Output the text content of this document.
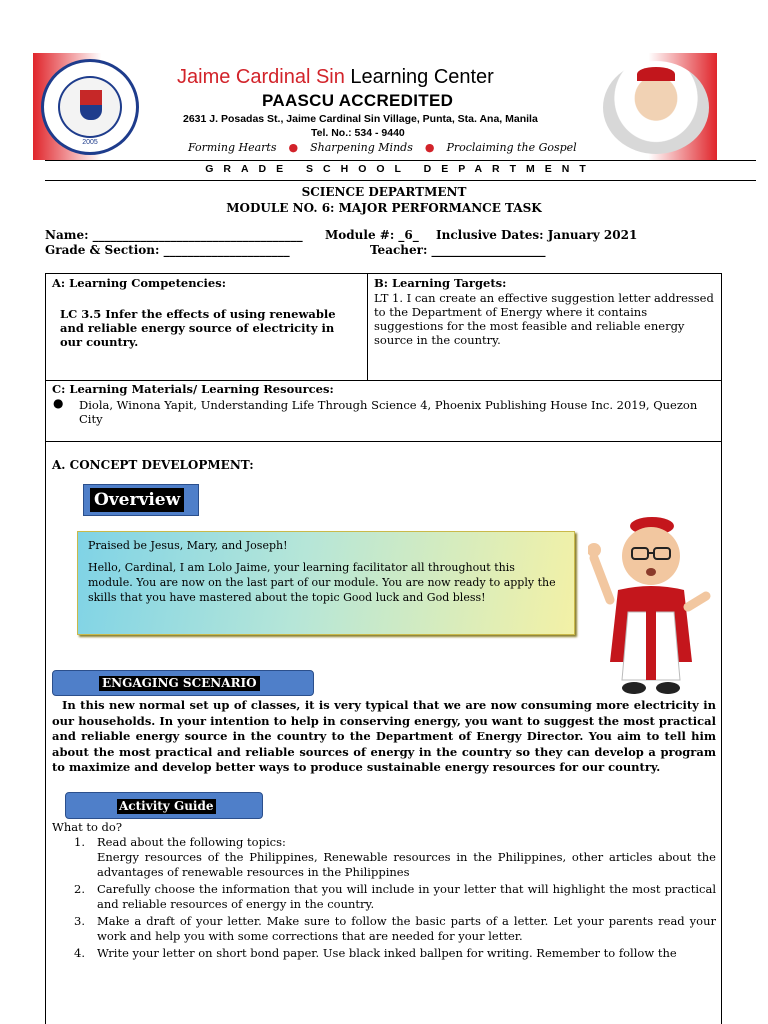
2005
Jaime Cardinal Sin Learning Center
PAASCU ACCREDITED
2631 J. Posadas St., Jaime Cardinal Sin Village, Punta, Sta. Ana, Manila
Tel. No.: 534 - 9440
Forming Hearts ● Sharpening Minds ● Proclaiming the Gospel
GRADE SCHOOL DEPARTMENT
SCIENCE DEPARTMENT
MODULE NO. 6: MAJOR PERFORMANCE TASK
Name: ___________________________________ Module #: _6_ Inclusive Dates: January 2021
Grade & Section: _____________________	Teacher: ___________________
A: Learning Competencies:
LC 3.5 Infer the effects of using renewable and reliable energy source of electricity in our country.
B: Learning Targets:
LT 1. I can create an effective suggestion letter addressed to the Department of Energy where it contains suggestions for the most feasible and reliable energy source in the country.
C: Learning Materials/ Learning Resources:
● Diola, Winona Yapit, Understanding Life Through Science 4, Phoenix Publishing House Inc. 2019, Quezon City
A. CONCEPT DEVELOPMENT:
Overview

Praised be Jesus, Mary, and Joseph!

Hello, Cardinal, I am Lolo Jaime, your learning facilitator all throughout this module. You are now on the last part of our module. You are now ready to apply the skills that you have mastered about the topic Good luck and God bless!

ENGAGING SCENARIO
In this new normal set up of classes, it is very typical that we are now consuming more electricity in our households. In your intention to help in conserving energy, you want to suggest the most practical and reliable energy source in the country to the Department of Energy Director. You aim to tell him about the most practical and reliable sources of energy in the country so they can develop a program to maximize and develop better ways to produce sustainable energy resources for our country.
Activity Guide
What to do?
1. Read about the following topics:
Energy resources of the Philippines, Renewable resources in the Philippines, other articles about the advantages of renewable resources in the Philippines
2. Carefully choose the information that you will include in your letter that will highlight the most practical and reliable resources of energy in the country.
3. Make a draft of your letter. Make sure to follow the basic parts of a letter. Let your parents read your work and help you with some corrections that are needed for your letter.
4. Write your letter on short bond paper. Use black inked ballpen for writing. Remember to follow the
